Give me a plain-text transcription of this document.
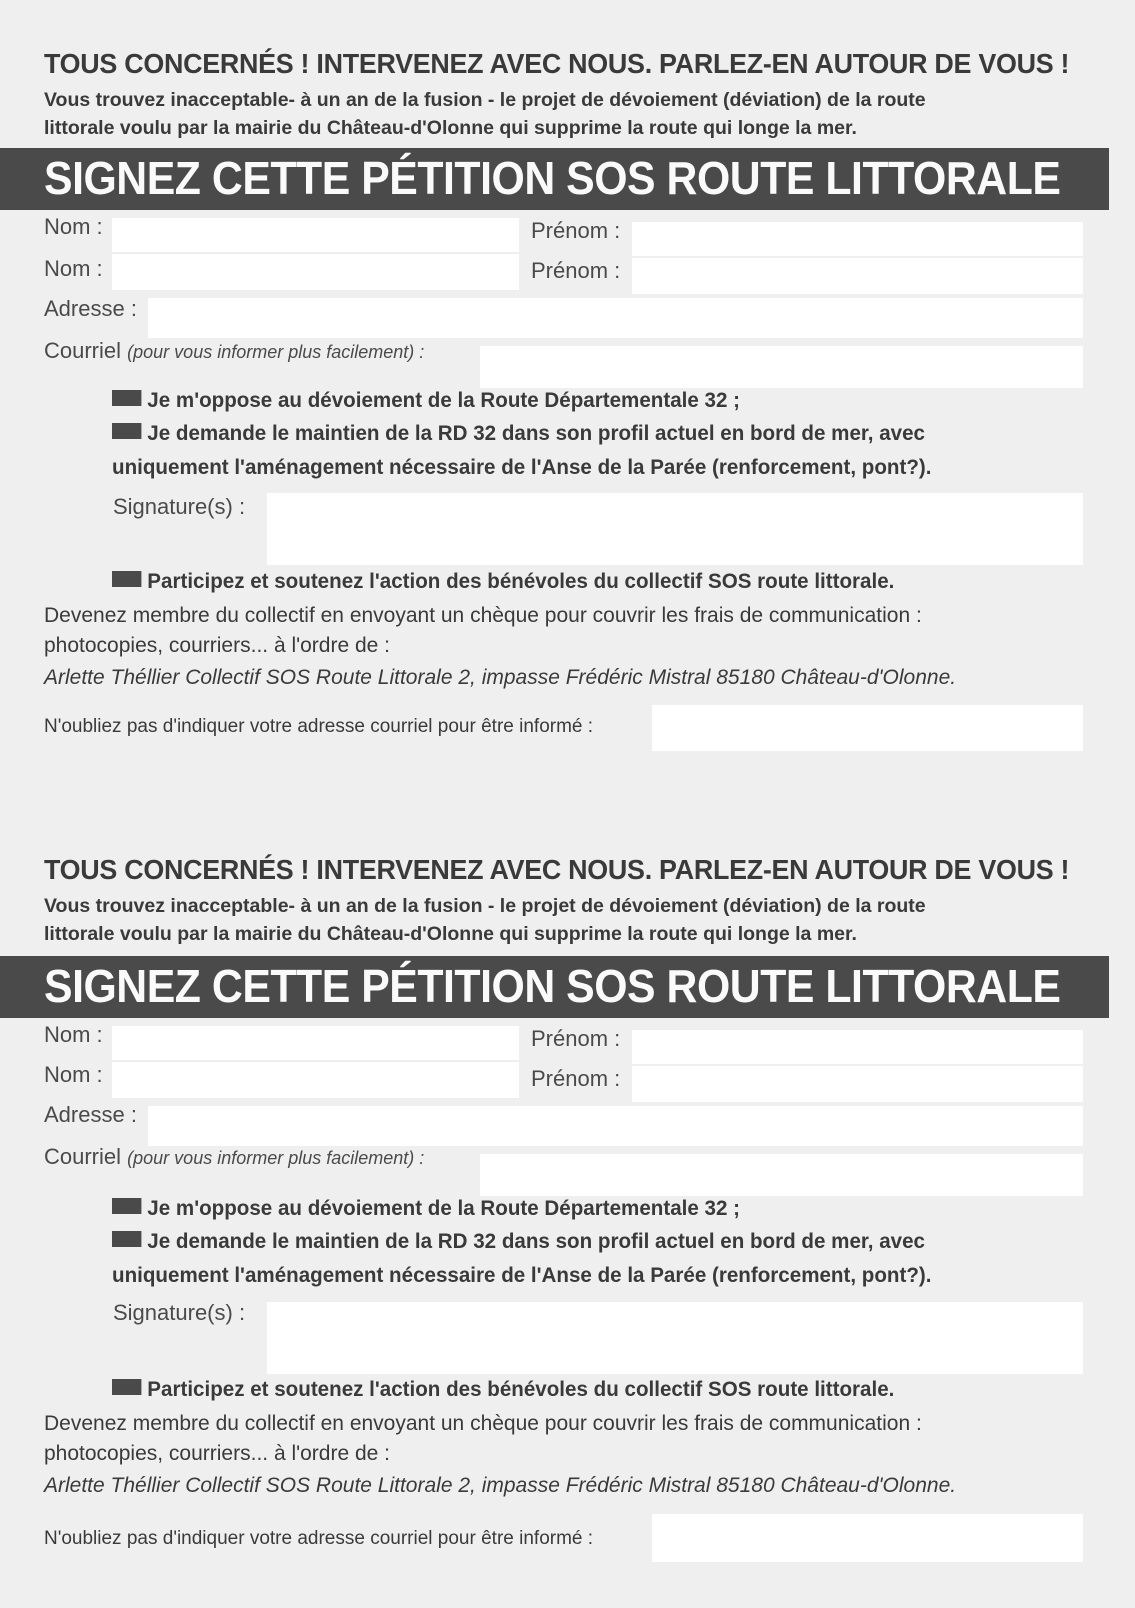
TOUS CONCERNÉS ! INTERVENEZ AVEC NOUS. PARLEZ-EN AUTOUR DE VOUS !
Vous trouvez inacceptable- à un an de la fusion - le projet de dévoiement (déviation) de la route
littorale voulu par la mairie du Château-d'Olonne qui supprime la route qui longe la mer.
SIGNEZ CETTE PÉTITION SOS ROUTE LITTORALE
Nom :	Prénom :
Nom :	Prénom :
Adresse :
Courriel (pour vous informer plus facilement) :
Je m'oppose au dévoiement de la Route Départementale 32 ;
Je demande le maintien de la RD 32 dans son profil actuel en bord de mer, avec
uniquement l'aménagement nécessaire de l'Anse de la Parée (renforcement, pont?).
Signature(s) :
Participez et soutenez l'action des bénévoles du collectif SOS route littorale.
Devenez membre du collectif en envoyant un chèque pour couvrir les frais de communication :
photocopies, courriers... à l'ordre de :
Arlette Théllier Collectif SOS Route Littorale 2, impasse Frédéric Mistral 85180 Château-d'Olonne.
N'oubliez pas d'indiquer votre adresse courriel pour être informé :
TOUS CONCERNÉS ! INTERVENEZ AVEC NOUS. PARLEZ-EN AUTOUR DE VOUS !
Vous trouvez inacceptable- à un an de la fusion - le projet de dévoiement (déviation) de la route
littorale voulu par la mairie du Château-d'Olonne qui supprime la route qui longe la mer.
SIGNEZ CETTE PÉTITION SOS ROUTE LITTORALE
Nom :	Prénom :
Nom :	Prénom :
Adresse :
Courriel (pour vous informer plus facilement) :
Je m'oppose au dévoiement de la Route Départementale 32 ;
Je demande le maintien de la RD 32 dans son profil actuel en bord de mer, avec
uniquement l'aménagement nécessaire de l'Anse de la Parée (renforcement, pont?).
Signature(s) :
Participez et soutenez l'action des bénévoles du collectif SOS route littorale.
Devenez membre du collectif en envoyant un chèque pour couvrir les frais de communication :
photocopies, courriers... à l'ordre de :
Arlette Théllier Collectif SOS Route Littorale 2, impasse Frédéric Mistral 85180 Château-d'Olonne.
N'oubliez pas d'indiquer votre adresse courriel pour être informé :
